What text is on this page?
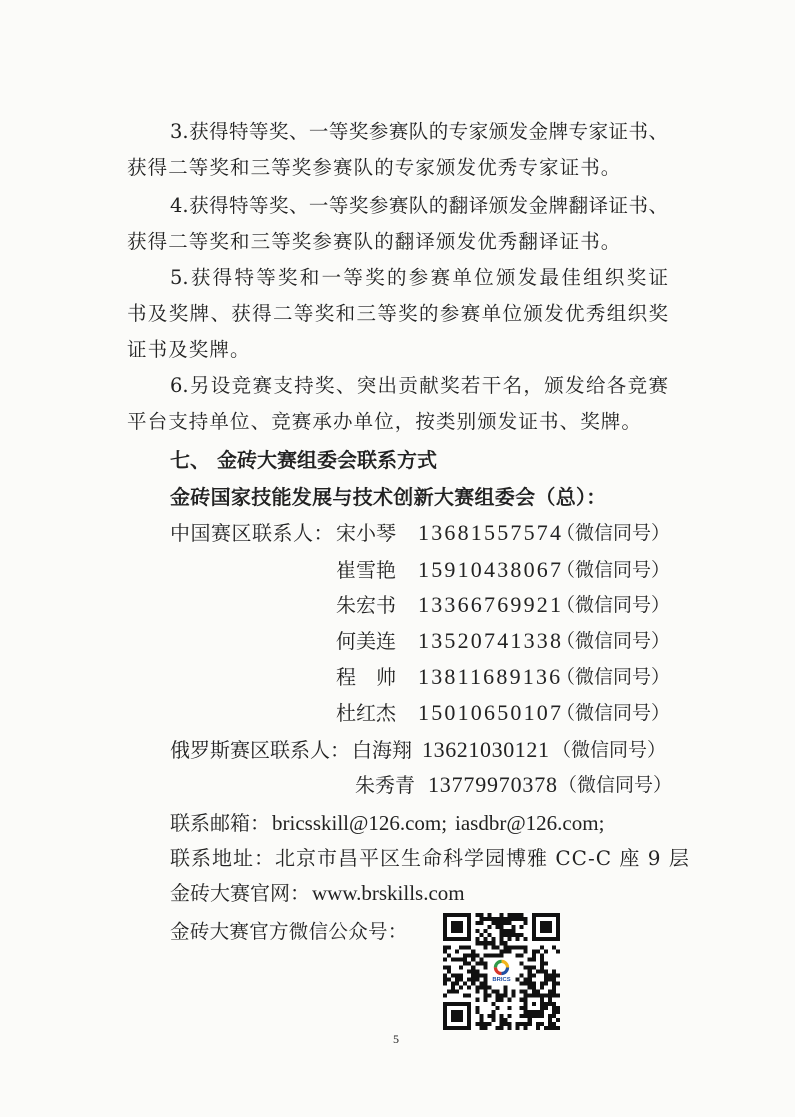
3.获得特等奖、一等奖参赛队的专家颁发金牌专家证书、
获得二等奖和三等奖参赛队的专家颁发优秀专家证书。
4.获得特等奖、一等奖参赛队的翻译颁发金牌翻译证书、
获得二等奖和三等奖参赛队的翻译颁发优秀翻译证书。
5.获得特等奖和一等奖的参赛单位颁发最佳组织奖证
书及奖牌、获得二等奖和三等奖的参赛单位颁发优秀组织奖
证书及奖牌。
6.另设竞赛支持奖、突出贡献奖若干名，颁发给各竞赛
平台支持单位、竞赛承办单位，按类别颁发证书、奖牌。
七、 金砖大赛组委会联系方式
金砖国家技能发展与技术创新大赛组委会（总）：
中国赛区联系人： 宋小琴 13681557574
（微信同号）
崔雪艳 15910438067
（微信同号）
朱宏书 13366769921
（微信同号）
何美连 13520741338
（微信同号）
程 帅 13811689136
（微信同号）
杜红杰 15010650107
（微信同号）
俄罗斯赛区联系人： 白海翔 13621030121 （微信同号）
朱秀青 13779970378 （微信同号）
联系邮箱： bricsskill@126.com; iasdbr@126.com;
联系地址：北京市昌平区生命科学园博雅 CC-C 座 9 层
金砖大赛官网： www.brskills.com
金砖大赛官方微信公众号：
BRICS
5
